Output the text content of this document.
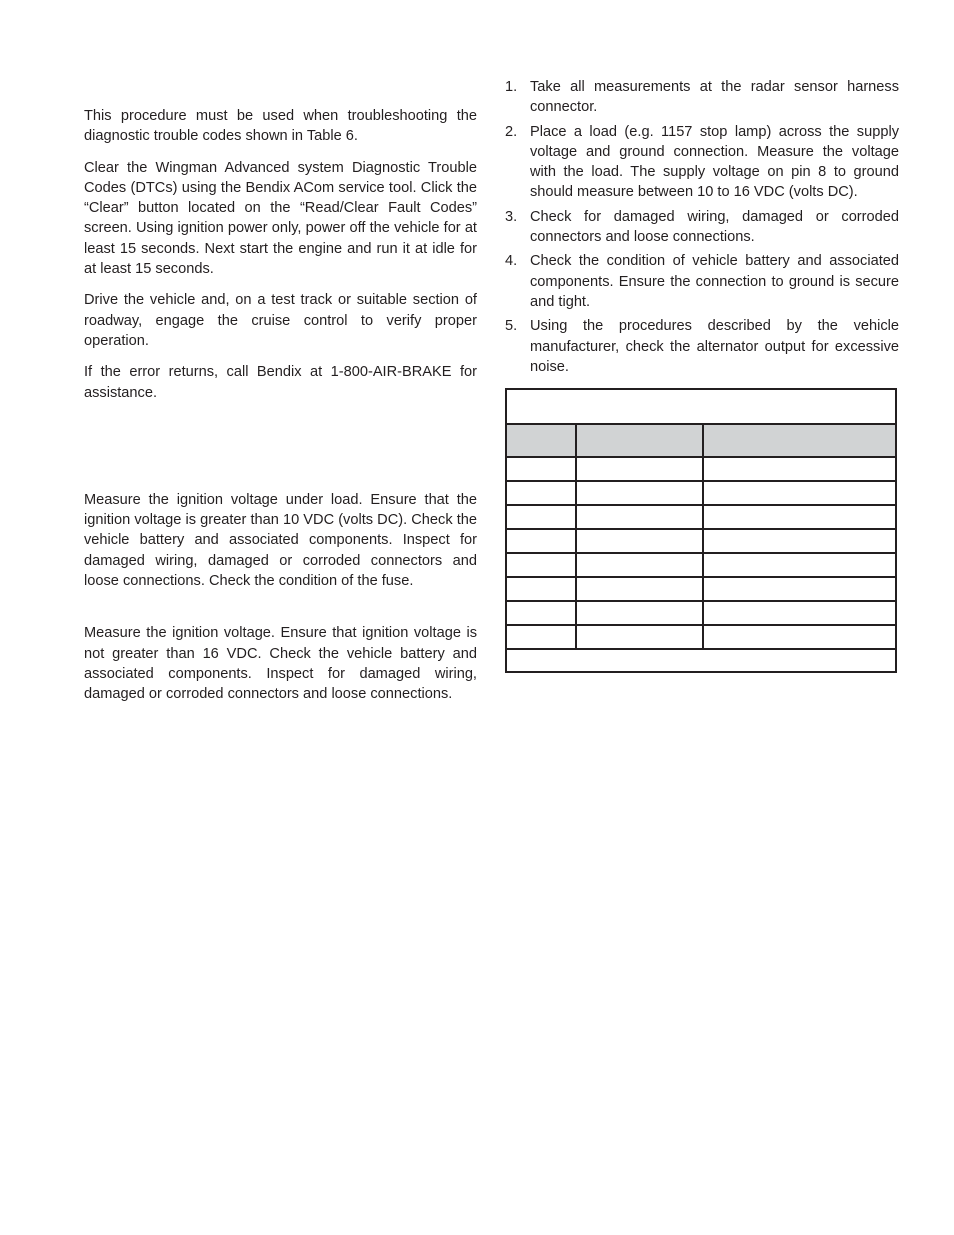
This procedure must be used when troubleshooting the diagnostic trouble codes shown in Table 6.

Clear the Wingman Advanced system Diagnostic Trouble Codes (DTCs) using the Bendix ACom service tool. Click the “Clear” button located on the “Read/Clear Fault Codes” screen. Using ignition power only, power off the vehicle for at least 15 seconds. Next start the engine and run it at idle for at least 15 seconds.

Drive the vehicle and, on a test track or suitable section of roadway, engage the cruise control to verify proper operation.

If the error returns, call Bendix at 1-800-AIR-BRAKE for assistance.

Measure the ignition voltage under load. Ensure that the ignition voltage is greater than 10 VDC (volts DC). Check the vehicle battery and associated components. Inspect for damaged wiring, damaged or corroded connectors and loose connections. Check the condition of the fuse.

Measure the ignition voltage. Ensure that ignition voltage is not greater than 16 VDC. Check the vehicle battery and associated components. Inspect for damaged wiring, damaged or corroded connectors and loose connections.

1. Take all measurements at the radar sensor harness connector.
2. Place a load (e.g. 1157 stop lamp) across the supply voltage and ground connection. Measure the voltage with the load. The supply voltage on pin 8 to ground should measure between 10 to 16 VDC (volts DC).
3. Check for damaged wiring, damaged or corroded connectors and loose connections.
4. Check the condition of vehicle battery and associated components. Ensure the connection to ground is secure and tight.
5. Using the procedures described by the vehicle manufacturer, check the alternator output for excessive noise.
